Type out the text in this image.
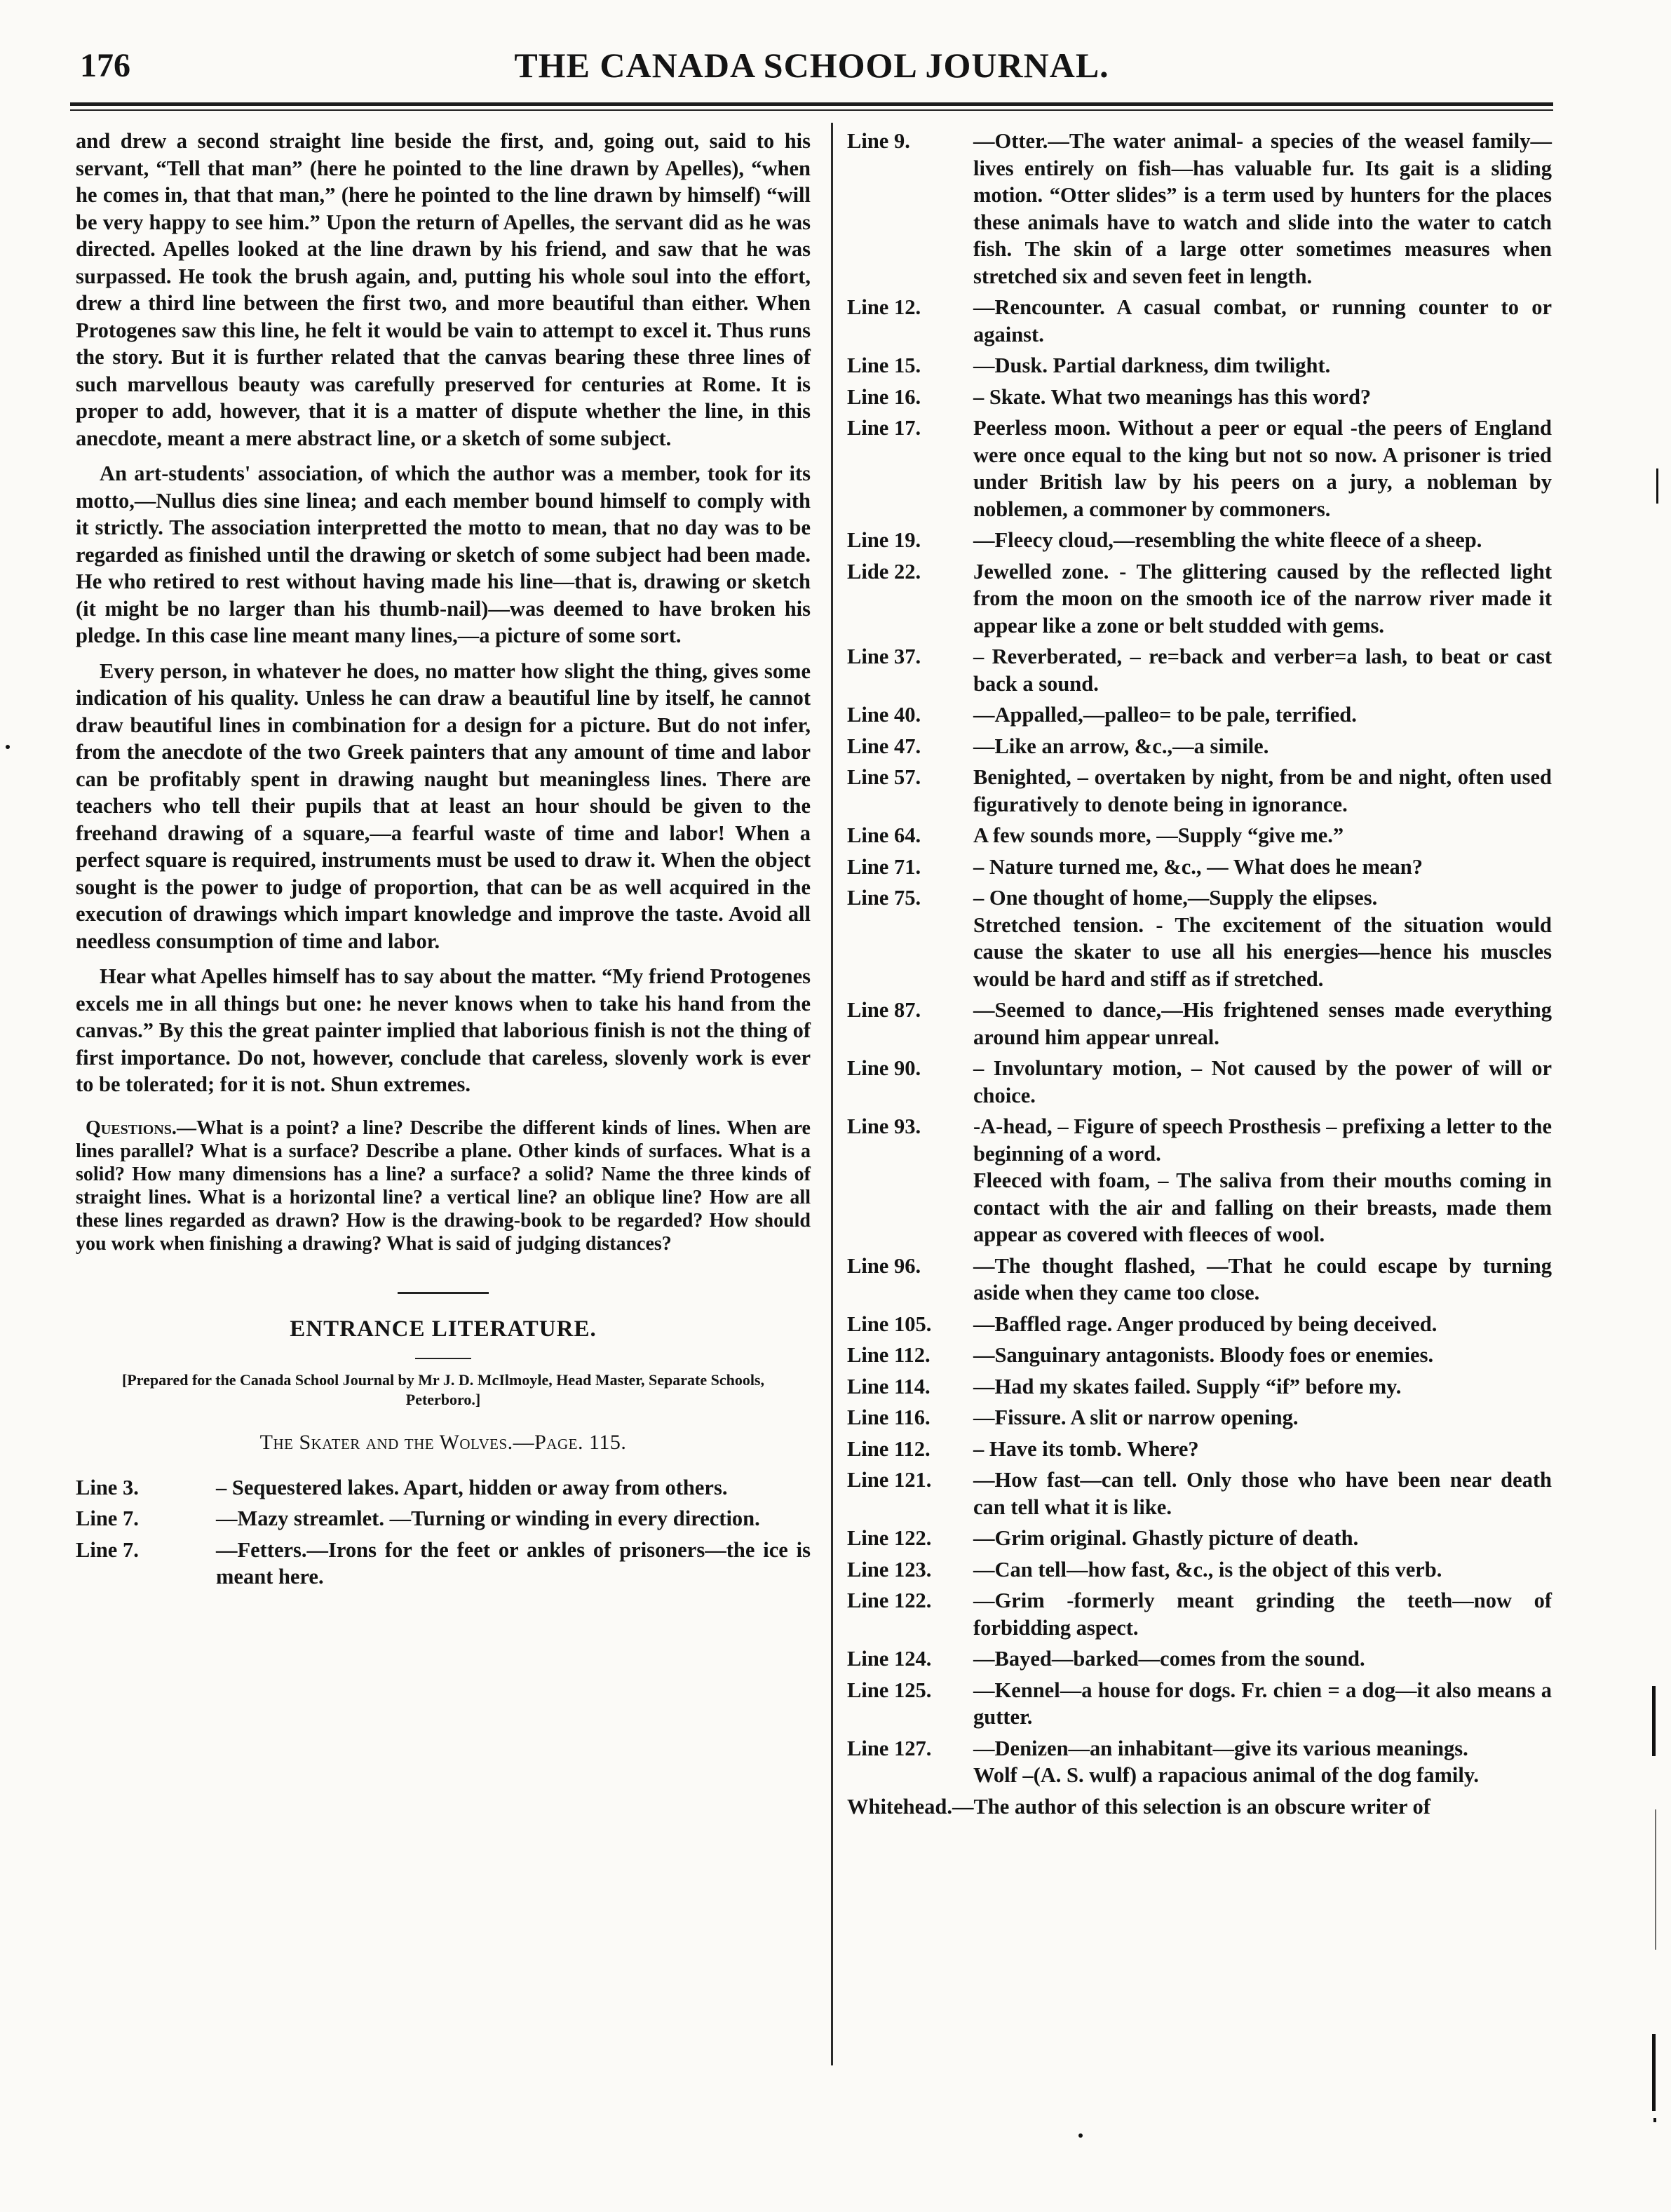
176	THE CANADA SCHOOL JOURNAL.

and drew a second straight line beside the first, and, going out, said to his servant, “Tell that man” (here he pointed to the line drawn by Apelles), “when he comes in, that that man,” (here he pointed to the line drawn by himself) “will be very happy to see him.” Upon the return of Apelles, the servant did as he was directed. Apelles looked at the line drawn by his friend, and saw that he was surpassed. He took the brush again, and, putting his whole soul into the effort, drew a third line between the first two, and more beautiful than either. When Protogenes saw this line, he felt it would be vain to attempt to excel it. Thus runs the story. But it is further related that the canvas bearing these three lines of such marvellous beauty was carefully preserved for centuries at Rome. It is proper to add, however, that it is a matter of dispute whether the line, in this anecdote, meant a mere abstract line, or a sketch of some subject.

An art-students' association, of which the author was a member, took for its motto,—Nullus dies sine linea; and each member bound himself to comply with it strictly. The association interpretted the motto to mean, that no day was to be regarded as finished until the drawing or sketch of some subject had been made. He who retired to rest without having made his line—that is, drawing or sketch (it might be no larger than his thumb-nail)—was deemed to have broken his pledge. In this case line meant many lines,—a picture of some sort.

Every person, in whatever he does, no matter how slight the thing, gives some indication of his quality. Unless he can draw a beautiful line by itself, he cannot draw beautiful lines in combination for a design for a picture. But do not infer, from the anecdote of the two Greek painters that any amount of time and labor can be profitably spent in drawing naught but meaningless lines. There are teachers who tell their pupils that at least an hour should be given to the freehand drawing of a square,—a fearful waste of time and labor! When a perfect square is required, instruments must be used to draw it. When the object sought is the power to judge of proportion, that can be as well acquired in the execution of drawings which impart knowledge and improve the taste. Avoid all needless consumption of time and labor.

Hear what Apelles himself has to say about the matter. “My friend Protogenes excels me in all things but one: he never knows when to take his hand from the canvas.” By this the great painter implied that laborious finish is not the thing of first importance. Do not, however, conclude that careless, slovenly work is ever to be tolerated; for it is not. Shun extremes.

Questions.—What is a point? a line? Describe the different kinds of lines. When are lines parallel? What is a surface? Describe a plane. Other kinds of surfaces. What is a solid? How many dimensions has a line? a surface? a solid? Name the three kinds of straight lines. What is a horizontal line? a vertical line? an oblique line? How are all these lines regarded as drawn? How is the drawing-book to be regarded? How should you work when finishing a drawing? What is said of judging distances?

ENTRANCE LITERATURE.

[Prepared for the Canada School Journal by Mr J. D. McIlmoyle, Head Master, Separate Schools, Peterboro.]

The Skater and the Wolves.—Page. 115.

Line 3.	– Sequestered lakes. Apart, hidden or away from others.
Line 7.	—Mazy streamlet. —Turning or winding in every direction.
Line 7.	—Fetters.—Irons for the feet or ankles of prisoners—the ice is meant here.
Line 9.	—Otter.—The water animal- a species of the weasel family—lives entirely on fish—has valuable fur. Its gait is a sliding motion. “Otter slides” is a term used by hunters for the places these animals have to watch and slide into the water to catch fish. The skin of a large otter sometimes measures when stretched six and seven feet in length.
Line 12. —Rencounter. A casual combat, or running counter to or against.
Line 15. —Dusk. Partial darkness, dim twilight.
Line 16. – Skate. What two meanings has this word?
Line 17. Peerless moon. Without a peer or equal -the peers of England were once equal to the king but not so now. A prisoner is tried under British law by his peers on a jury, a nobleman by noblemen, a commoner by commoners.
Line 19. —Fleecy cloud,—resembling the white fleece of a sheep.
Lide 22. Jewelled zone. - The glittering caused by the reflected light from the moon on the smooth ice of the narrow river made it appear like a zone or belt studded with gems.
Line 37. – Reverberated, – re=back and verber=a lash, to beat or cast back a sound.
Line 40. —Appalled,—palleo= to be pale, terrified.
Line 47. —Like an arrow, &c.,—a simile.
Line 57. Benighted, – overtaken by night, from be and night, often used figuratively to denote being in ignorance.
Line 64. A few sounds more, —Supply “give me.”
Line 71. – Nature turned me, &c., — What does he mean?
Line 75. – One thought of home,—Supply the elipses.
Stretched tension. - The excitement of the situation would cause the skater to use all his energies—hence his muscles would be hard and stiff as if stretched.
Line 87. —Seemed to dance,—His frightened senses made everything around him appear unreal.
Line 90. – Involuntary motion, – Not caused by the power of will or choice.
Line 93. -A-head, – Figure of speech Prosthesis – prefixing a letter to the beginning of a word.
Fleeced with foam, – The saliva from their mouths coming in contact with the air and falling on their breasts, made them appear as covered with fleeces of wool.
Line 96. —The thought flashed, —That he could escape by turning aside when they came too close.
Line 105. —Baffled rage. Anger produced by being deceived.
Line 112. —Sanguinary antagonists. Bloody foes or enemies.
Line 114. —Had my skates failed. Supply “if” before my.
Line 116. —Fissure. A slit or narrow opening.
Line 112. – Have its tomb. Where?
Line 121. —How fast—can tell. Only those who have been near death can tell what it is like.
Line 122. —Grim original. Ghastly picture of death.
Line 123. —Can tell—how fast, &c., is the object of this verb.
Line 122. —Grim -formerly meant grinding the teeth—now of forbidding aspect.
Line 124. —Bayed—barked—comes from the sound.
Line 125. —Kennel—a house for dogs. Fr. chien = a dog—it also means a gutter.
Line 127. —Denizen—an inhabitant—give its various meanings.
Wolf –(A. S. wulf) a rapacious animal of the dog family.
Whitehead.—The author of this selection is an obscure writer of
